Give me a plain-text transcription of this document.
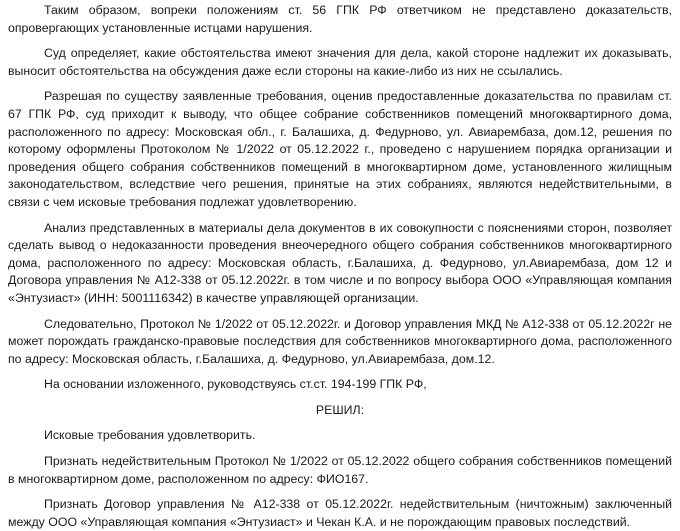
Таким образом, вопреки положениям ст. 56 ГПК РФ ответчиком не представлено доказательств, опровергающих установленные истцами нарушения.

Суд определяет, какие обстоятельства имеют значения для дела, какой стороне надлежит их доказывать, выносит обстоятельства на обсуждения даже если стороны на какие-либо из них не ссылались.

Разрешая по существу заявленные требования, оценив предоставленные доказательства по правилам ст. 67 ГПК РФ, суд приходит к выводу, что общее собрание собственников помещений многоквартирного дома, расположенного по адресу: Московская обл., г. Балашиха, д. Федурново, ул. Авиарембаза, дом.12, решения по которому оформлены Протоколом № 1/2022 от 05.12.2022 г., проведено с нарушением порядка организации и проведения общего собрания собственников помещений в многоквартирном доме, установленного жилищным законодательством, вследствие чего решения, принятые на этих собраниях, являются недействительными, в связи с чем исковые требования подлежат удовлетворению.

Анализ представленных в материалы дела документов в их совокупности с пояснениями сторон, позволяет сделать вывод о недоказанности проведения внеочередного общего собрания собственников многоквартирного дома, расположенного по адресу: Московская область, г.Балашиха, д. Федурново, ул.Авиарембаза, дом 12 и Договора управления № А12-338 от 05.12.2022г. в том числе и по вопросу выбора ООО «Управляющая компания «Энтузиаст» (ИНН: 5001116342) в качестве управляющей организации.

Следовательно, Протокол № 1/2022 от 05.12.2022г. и Договор управления МКД № А12-338 от 05.12.2022г не может порождать гражданско-правовые последствия для собственников многоквартирного дома, расположенного по адресу: Московская область, г.Балашиха, д. Федурново, ул.Авиарембаза, дом.12.

На основании изложенного, руководствуясь ст.ст. 194-199 ГПК РФ,

РЕШИЛ:

Исковые требования удовлетворить.

Признать недействительным Протокол № 1/2022 от 05.12.2022 общего собрания собственников помещений в многоквартирном доме, расположенном по адресу: ФИО167.

Признать Договор управления № А12-338 от 05.12.2022г. недействительным (ничтожным) заключенный между ООО «Управляющая компания «Энтузиаст» и Чекан К.А. и не порождающим правовых последствий.
